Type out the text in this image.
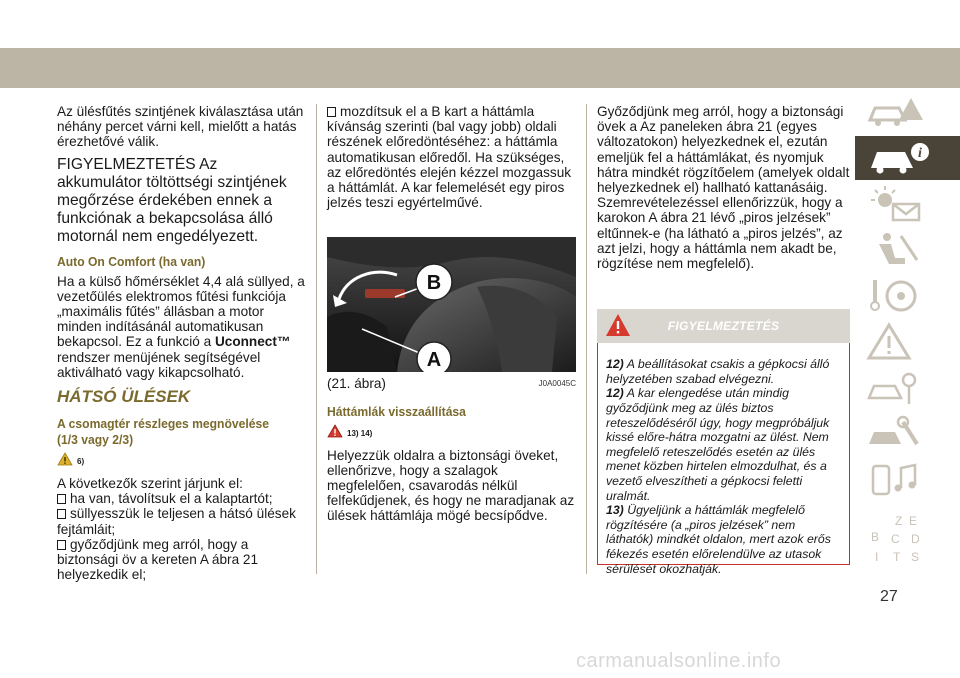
Az ülésfűtés szintjének kiválasztása után néhány percet várni kell, mielőtt a hatás érezhetővé válik.

FIGYELMEZTETÉS Az akkumulátor töltöttségi szintjének megőrzése érdekében ennek a funkciónak a bekapcsolása álló motornál nem engedélyezett.

Auto On Comfort (ha van)

Ha a külső hőmérséklet 4,4 alá süllyed, a vezetőülés elektromos fűtési funkciója „maximális fűtés” állásban a motor minden indításánál automatikusan bekapcsol. Ez a funkció a Uconnect™ rendszer menüjének segítségével aktiválható vagy kikapcsolható.

HÁTSÓ ÜLÉSEK
A csomagtér részleges megnövelése (1/3 vagy 2/3)
6)

A következők szerint járjunk el:

ha van, távolítsuk el a kalaptartót;
süllyesszük le teljesen a hátsó ülések fejtámláit;
győződjünk meg arról, hogy a biztonsági öv a kereten A ábra 21 helyezkedik el;
mozdítsuk el a B kart a háttámla kívánság szerinti (bal vagy jobb) oldali részének előredöntéséhez: a háttámla automatikusan előredől. Ha szükséges, az előredöntés elején kézzel mozgassuk a háttámlát. A kar felemelését egy piros jelzés teszi egyértelművé.
B
A
(21. ábra)	J0A0045C
Háttámlák visszaállítása
13) 14)

Helyezzük oldalra a biztonsági öveket, ellenőrizve, hogy a szalagok megfelelően, csavarodás nélkül felfekűdjenek, és hogy ne maradjanak az ülések háttámlája mögé becsípődve.

Győződjünk meg arról, hogy a biztonsági övek a Az paneleken ábra 21 (egyes változatokon) helyezkednek el, ezután emeljük fel a háttámlákat, és nyomjuk hátra mindkét rögzítőelem (amelyek oldalt helyezkednek el) hallható kattanásáig. Szemrevételezéssel ellenőrizzük, hogy a karokon A ábra 21 lévő „piros jelzések” eltűnnek-e (ha látható a „piros jelzés”, az azt jelzi, hogy a háttámla nem akadt be, rögzítése nem megfelelő).

FIGYELMEZTETÉS
12) A beállításokat csakis a gépkocsi álló helyzetében szabad elvégezni.
12) A kar elengedése után mindig győződjünk meg az ülés biztos reteszelődéséről úgy, hogy megpróbáljuk kissé előre-hátra mozgatni az ülést. Nem megfelelő reteszelődés esetén az ülés menet közben hirtelen elmozdulhat, és a vezető elveszítheti a gépkocsi feletti uralmát.
13) Ügyeljünk a háttámlák megfelelő rögzítésére (a „piros jelzések” nem láthatók) mindkét oldalon, mert azok erős fékezés esetén előrelendülve az utasok sérülését okozhatják.
i
Z E
B C D
I T S
27
carmanualsonline.info
